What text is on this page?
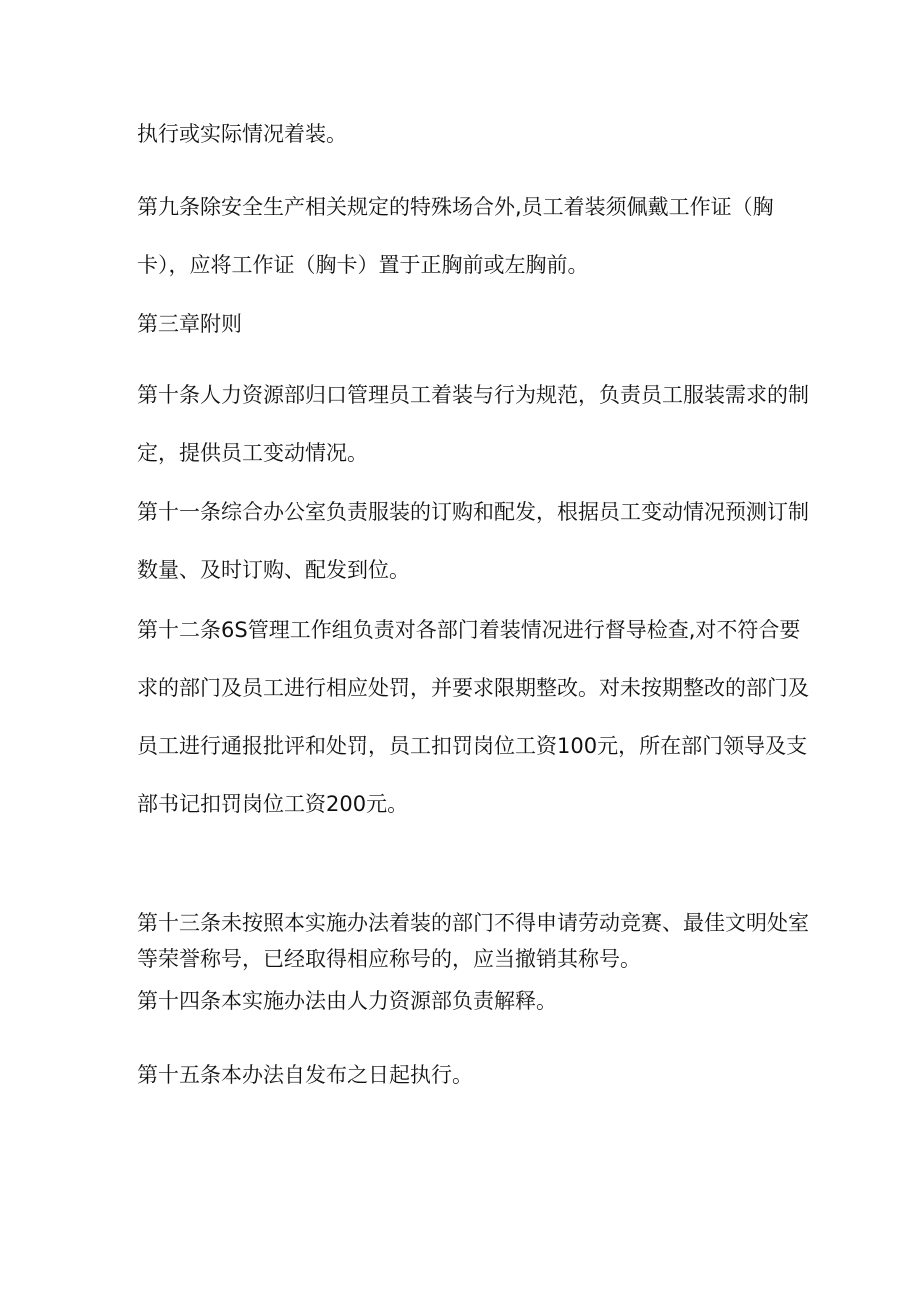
执行或实际情况着装。

第九条除安全生产相关规定的特殊场合外,员工着装须佩戴工作证（胸
卡），应将工作证（胸卡）置于正胸前或左胸前。

第三章附则

第十条人力资源部归口管理员工着装与行为规范，负责员工服装需求的制
定，提供员工变动情况。

第十一条综合办公室负责服装的订购和配发，根据员工变动情况预测订制
数量、及时订购、配发到位。

第十二条6S管理工作组负责对各部门着装情况进行督导检查,对不符合要
求的部门及员工进行相应处罚，并要求限期整改。对未按期整改的部门及
员工进行通报批评和处罚，员工扣罚岗位工资100元，所在部门领导及支
部书记扣罚岗位工资200元。

第十三条未按照本实施办法着装的部门不得申请劳动竞赛、最佳文明处室
等荣誉称号，已经取得相应称号的，应当撤销其称号。

第十四条本实施办法由人力资源部负责解释。

第十五条本办法自发布之日起执行。
